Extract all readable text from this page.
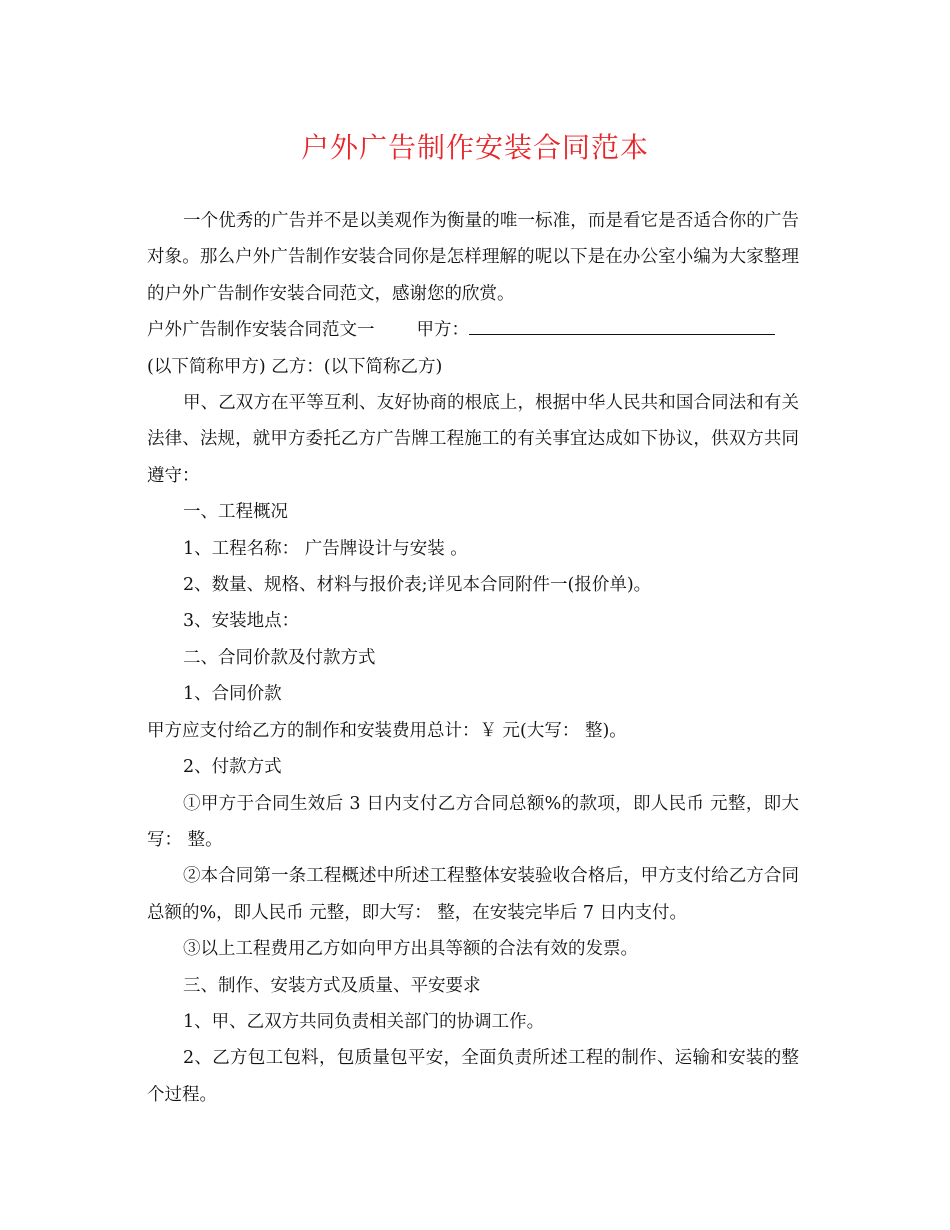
户外广告制作安装合同范本

一个优秀的广告并不是以美观作为衡量的唯一标准，而是看它是否适合你的广告对象。那么户外广告制作安装合同你是怎样理解的呢以下是在办公室小编为大家整理的户外广告制作安装合同范文，感谢您的欣赏。

户外广告制作安装合同范文一 甲方：

(以下简称甲方) 乙方：(以下简称乙方)

甲、乙双方在平等互利、友好协商的根底上，根据中华人民共和国合同法和有关法律、法规，就甲方委托乙方广告牌工程施工的有关事宜达成如下协议，供双方共同遵守：

一、工程概况

1、工程名称： 广告牌设计与安装 。

2、数量、规格、材料与报价表;详见本合同附件一(报价单)。

3、安装地点：

二、合同价款及付款方式

1、合同价款

甲方应支付给乙方的制作和安装费用总计：￥ 元(大写： 整)。

2、付款方式

①甲方于合同生效后 3 日内支付乙方合同总额%的款项，即人民币 元整，即大写： 整。

②本合同第一条工程概述中所述工程整体安装验收合格后，甲方支付给乙方合同总额的%，即人民币 元整，即大写： 整，在安装完毕后 7 日内支付。

③以上工程费用乙方如向甲方出具等额的合法有效的发票。

三、制作、安装方式及质量、平安要求

1、甲、乙双方共同负责相关部门的协调工作。

2、乙方包工包料，包质量包平安，全面负责所述工程的制作、运输和安装的整个过程。
